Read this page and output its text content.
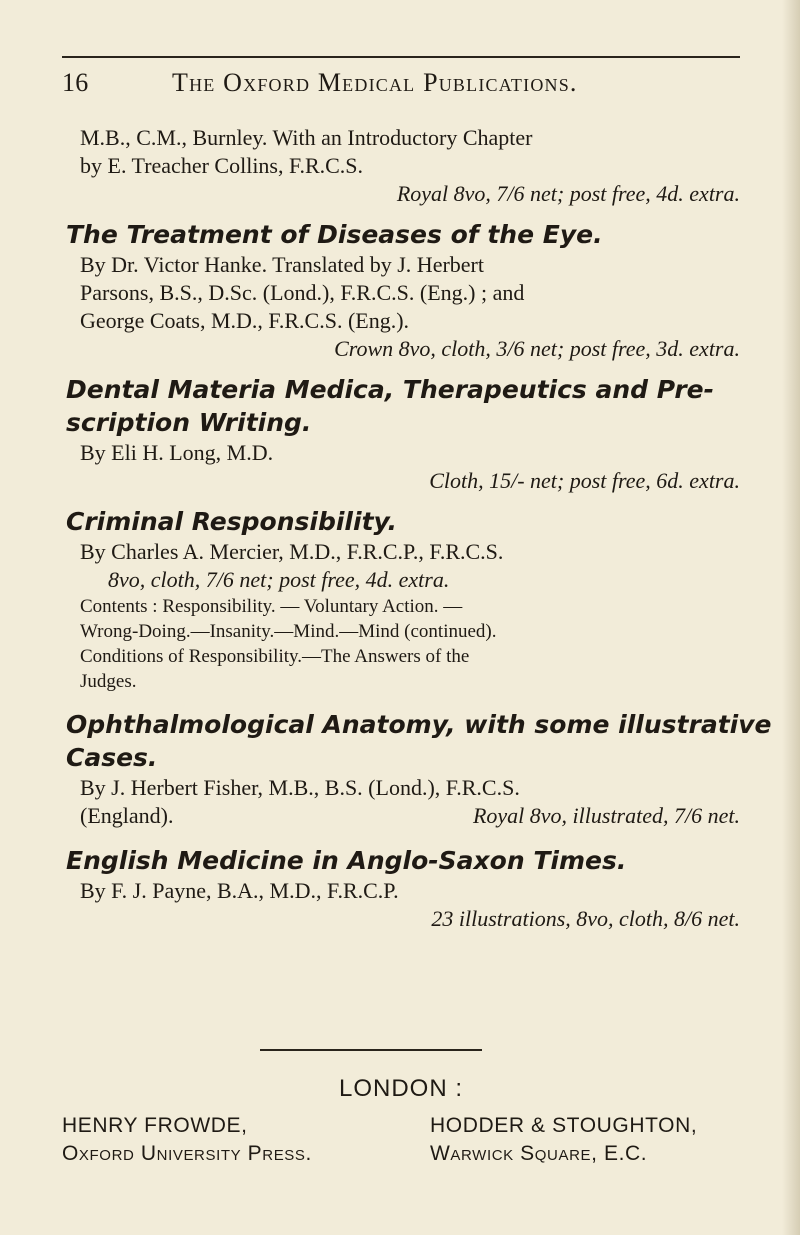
16	The Oxford Medical Publications.
M.B., C.M., Burnley. With an Introductory Chapter
by E. Treacher Collins, F.R.C.S.
Royal 8vo, 7/6 net; post free, 4d. extra.
The Treatment of Diseases of the Eye.
By Dr. Victor Hanke. Translated by J. Herbert
Parsons, B.S., D.Sc. (Lond.), F.R.C.S. (Eng.) ; and
George Coats, M.D., F.R.C.S. (Eng.).
Crown 8vo, cloth, 3/6 net; post free, 3d. extra.
Dental Materia Medica, Therapeutics and Pre-
scription Writing.
By Eli H. Long, M.D.
Cloth, 15/- net; post free, 6d. extra.
Criminal Responsibility.
By Charles A. Mercier, M.D., F.R.C.P., F.R.C.S.
8vo, cloth, 7/6 net; post free, 4d. extra.
Contents : Responsibility. — Voluntary Action. —
Wrong-Doing.—Insanity.—Mind.—Mind (continued).
Conditions of Responsibility.—The Answers of the
Judges.
Ophthalmological Anatomy, with some illustrative
Cases.
By J. Herbert Fisher, M.B., B.S. (Lond.), F.R.C.S.
(England).	Royal 8vo, illustrated, 7/6 net.
English Medicine in Anglo-Saxon Times.
By F. J. Payne, B.A., M.D., F.R.C.P.
23 illustrations, 8vo, cloth, 8/6 net.
LONDON :
HENRY FROWDE,
Oxford University Press.
HODDER & STOUGHTON,
Warwick Square, E.C.
